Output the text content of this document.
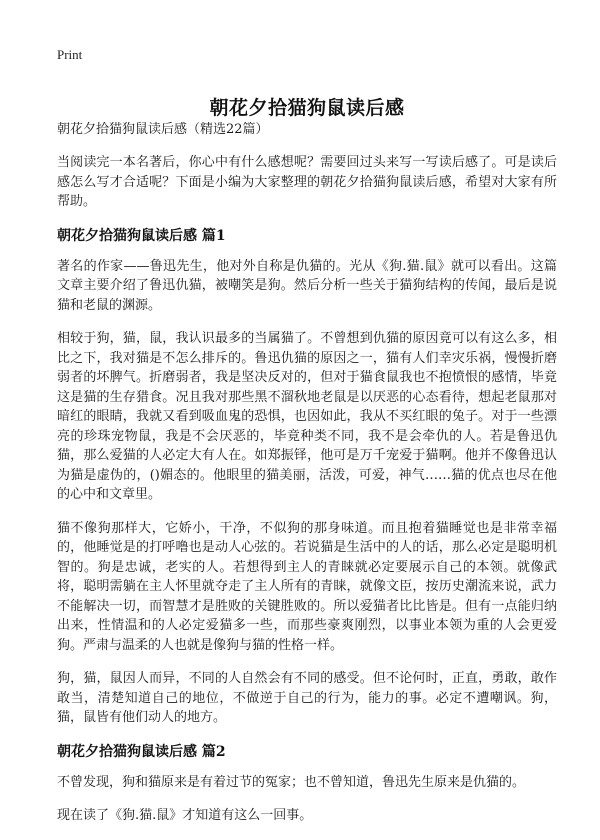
Print
朝花夕拾猫狗鼠读后感
朝花夕拾猫狗鼠读后感（精选22篇）

当阅读完一本名著后，你心中有什么感想呢？需要回过头来写一写读后感了。可是读后感怎么写才合适呢？下面是小编为大家整理的朝花夕拾猫狗鼠读后感，希望对大家有所帮助。

朝花夕拾猫狗鼠读后感 篇1

著名的作家——鲁迅先生，他对外自称是仇猫的。光从《狗.猫.鼠》就可以看出。这篇文章主要介绍了鲁迅仇猫，被嘲笑是狗。然后分析一些关于猫狗结构的传闻，最后是说猫和老鼠的渊源。

相较于狗，猫，鼠，我认识最多的当属猫了。不曾想到仇猫的原因竟可以有这么多，相比之下，我对猫是不怎么排斥的。鲁迅仇猫的原因之一，猫有人们幸灾乐祸，慢慢折磨弱者的坏脾气。折磨弱者，我是坚决反对的，但对于猫食鼠我也不抱愤恨的感情，毕竟这是猫的生存猎食。况且我对那些黑不溜秋地老鼠是以厌恶的心态看待，想起老鼠那对暗红的眼睛，我就又看到吸血鬼的恐惧，也因如此，我从不买红眼的兔子。对于一些漂亮的珍珠宠物鼠，我是不会厌恶的，毕竟种类不同，我不是会牵仇的人。若是鲁迅仇猫，那么爱猫的人必定大有人在。如郑振铎，他可是万千宠爱于猫啊。他并不像鲁迅认为猫是虚伪的，()媚态的。他眼里的猫美丽，活泼，可爱，神气……猫的优点也尽在他的心中和文章里。

猫不像狗那样大，它娇小，干净，不似狗的那身味道。而且抱着猫睡觉也是非常幸福的，他睡觉是的打呼噜也是动人心弦的。若说猫是生活中的人的话，那么必定是聪明机智的。狗是忠诚，老实的人。若想得到主人的青睐就必定要展示自己的本领。就像武将，聪明需躺在主人怀里就夺走了主人所有的青睐，就像文臣，按历史潮流来说，武力不能解决一切，而智慧才是胜败的关键胜败的。所以爱猫者比比皆是。但有一点能归纳出来，性情温和的人必定爱猫多一些，而那些豪爽刚烈，以事业本领为重的人会更爱狗。严肃与温柔的人也就是像狗与猫的性格一样。

狗，猫，鼠因人而异，不同的人自然会有不同的感受。但不论何时，正直，勇敢，敢作敢当，清楚知道自己的地位，不做逆于自己的行为，能力的事。必定不遭嘲讽。狗，猫，鼠皆有他们动人的地方。

朝花夕拾猫狗鼠读后感 篇2

不曾发现，狗和猫原来是有着过节的冤家；也不曾知道，鲁迅先生原来是仇猫的。

现在读了《狗.猫.鼠》才知道有这么一回事。
